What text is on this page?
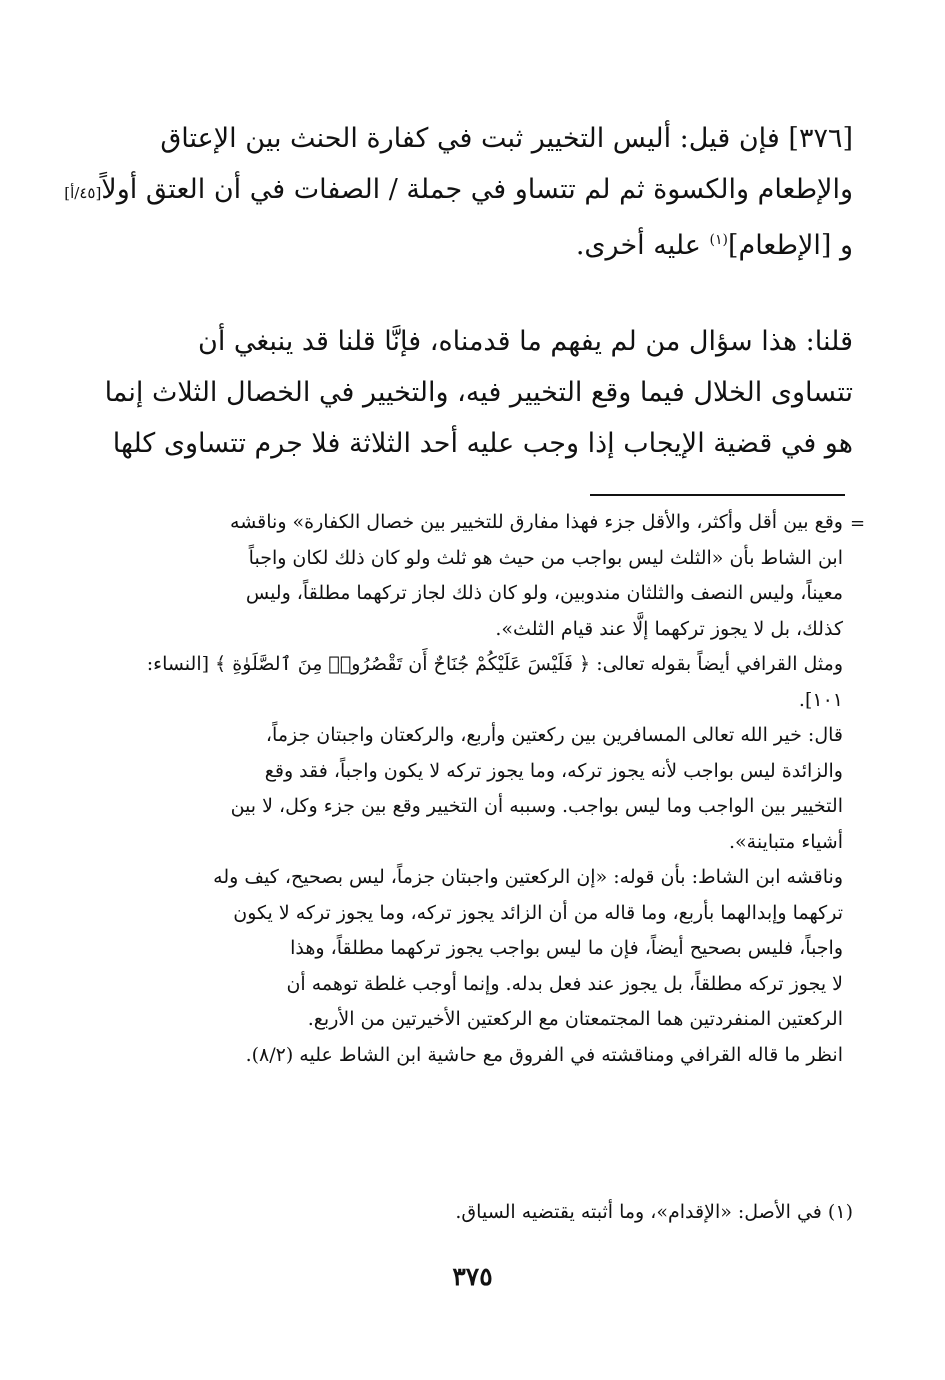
[٣٧٦] فإن قيل: أليس التخيير ثبت في كفارة الحنث بين الإعتاق
والإطعام والكسوة ثم لم تتساو في جملة / الصفات في أن العتق أولاً[٤٥/أ]
و [الإطعام]$^{(١)}$ عليه أخرى.
قلنا: هذا سؤال من لم يفهم ما قدمناه، فإنَّا قلنا قد ينبغي أن
تتساوى الخلال فيما وقع التخيير فيه، والتخيير في الخصال الثلاث إنما
هو في قضية الإيجاب إذا وجب عليه أحد الثلاثة فلا جرم تتساوى كلها
=
وقع بين أقل وأكثر، والأقل جزء فهذا مفارق للتخيير بين خصال الكفارة» وناقشه
ابن الشاط بأن «الثلث ليس بواجب من حيث هو ثلث ولو كان ذلك لكان واجباً
معيناً، وليس النصف والثلثان مندوبين، ولو كان ذلك لجاز تركهما مطلقاً، وليس
كذلك، بل لا يجوز تركهما إلَّا عند قيام الثلث».
ومثل القرافي أيضاً بقوله تعالى: ﴿ فَلَيْسَ عَلَيْكُمْ جُنَاحٌ أَن تَقْصُرُوا۟ مِنَ ٱلصَّلَوٰةِ ﴾ [النساء:
١٠١].
قال: خير الله تعالى المسافرين بين ركعتين وأربع، والركعتان واجبتان جزماً،
والزائدة ليس بواجب لأنه يجوز تركه، وما يجوز تركه لا يكون واجباً، فقد وقع
التخيير بين الواجب وما ليس بواجب. وسببه أن التخيير وقع بين جزء وكل، لا بين
أشياء متباينة».
وناقشه ابن الشاط: بأن قوله: «إن الركعتين واجبتان جزماً، ليس بصحيح، كيف وله
تركهما وإبدالهما بأربع، وما قاله من أن الزائد يجوز تركه، وما يجوز تركه لا يكون
واجباً، فليس بصحيح أيضاً، فإن ما ليس بواجب يجوز تركهما مطلقاً، وهذا
لا يجوز تركه مطلقاً، بل يجوز عند فعل بدله. وإنما أوجب غلطة توهمه أن
الركعتين المنفردتين هما المجتمعتان مع الركعتين الأخيرتين من الأربع.
انظر ما قاله القرافي ومناقشته في الفروق مع حاشية ابن الشاط عليه (٨/٢).
(١) في الأصل: «الإقدام»، وما أثبته يقتضيه السياق.
٣٧٥
